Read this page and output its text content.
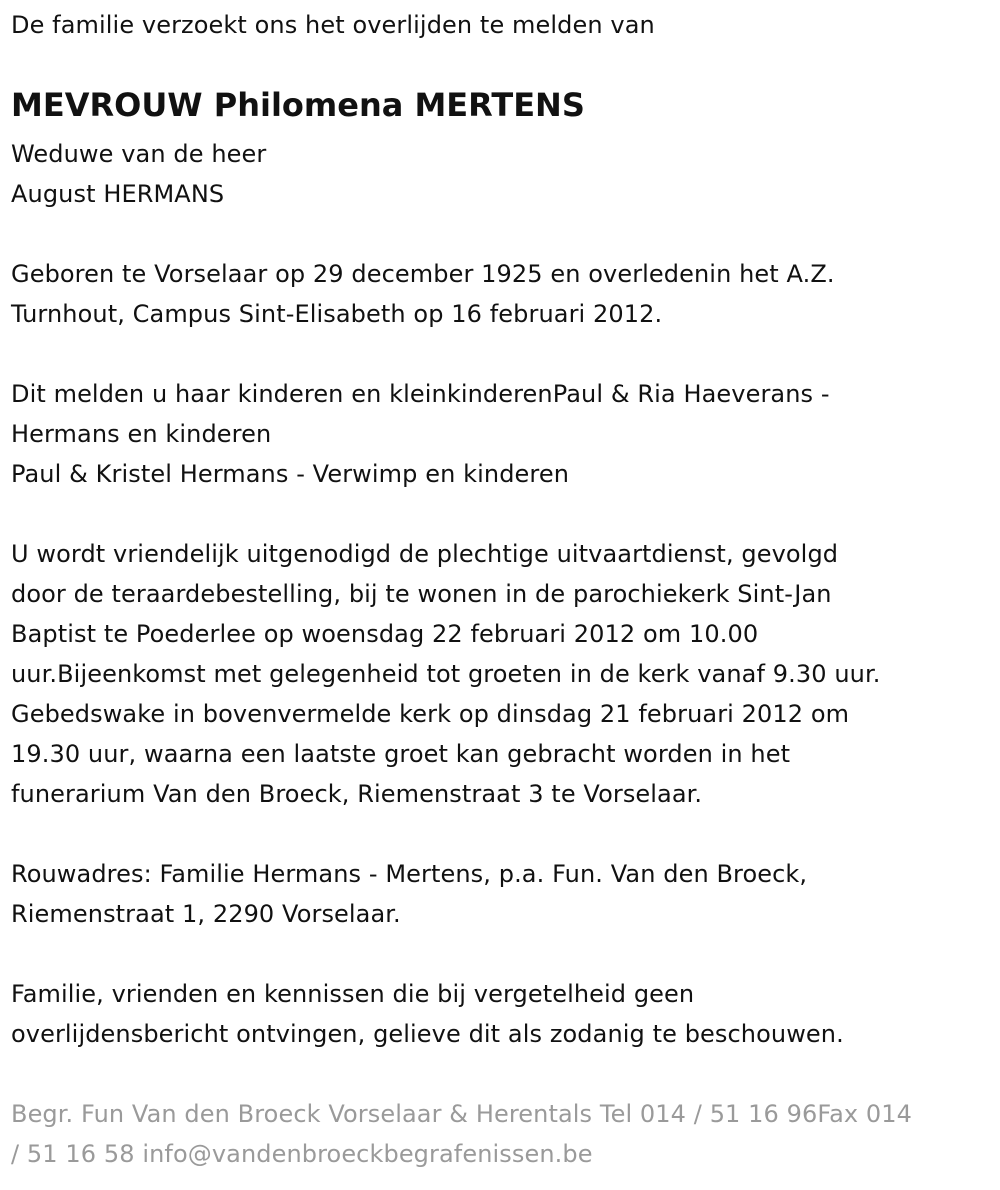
De familie verzoekt ons het overlijden te melden van
MEVROUW Philomena MERTENS
Weduwe van de heer
August HERMANS
Geboren te Vorselaar op 29 december 1925 en overledenin het A.Z.
Turnhout, Campus Sint-Elisabeth op 16 februari 2012.
Dit melden u haar kinderen en kleinkinderenPaul & Ria Haeverans -
Hermans en kinderen
Paul & Kristel Hermans - Verwimp en kinderen
U wordt vriendelijk uitgenodigd de plechtige uitvaartdienst, gevolgd
door de teraardebestelling, bij te wonen in de parochiekerk Sint-Jan
Baptist te Poederlee op woensdag 22 februari 2012 om 10.00
uur.Bijeenkomst met gelegenheid tot groeten in de kerk vanaf 9.30 uur.
Gebedswake in bovenvermelde kerk op dinsdag 21 februari 2012 om
19.30 uur, waarna een laatste groet kan gebracht worden in het
funerarium Van den Broeck, Riemenstraat 3 te Vorselaar.
Rouwadres: Familie Hermans - Mertens, p.a. Fun. Van den Broeck,
Riemenstraat 1, 2290 Vorselaar.
Familie, vrienden en kennissen die bij vergetelheid geen
overlijdensbericht ontvingen, gelieve dit als zodanig te beschouwen.
Begr. Fun Van den Broeck Vorselaar & Herentals Tel 014 / 51 16 96Fax 014
/ 51 16 58 info@vandenbroeckbegrafenissen.be
